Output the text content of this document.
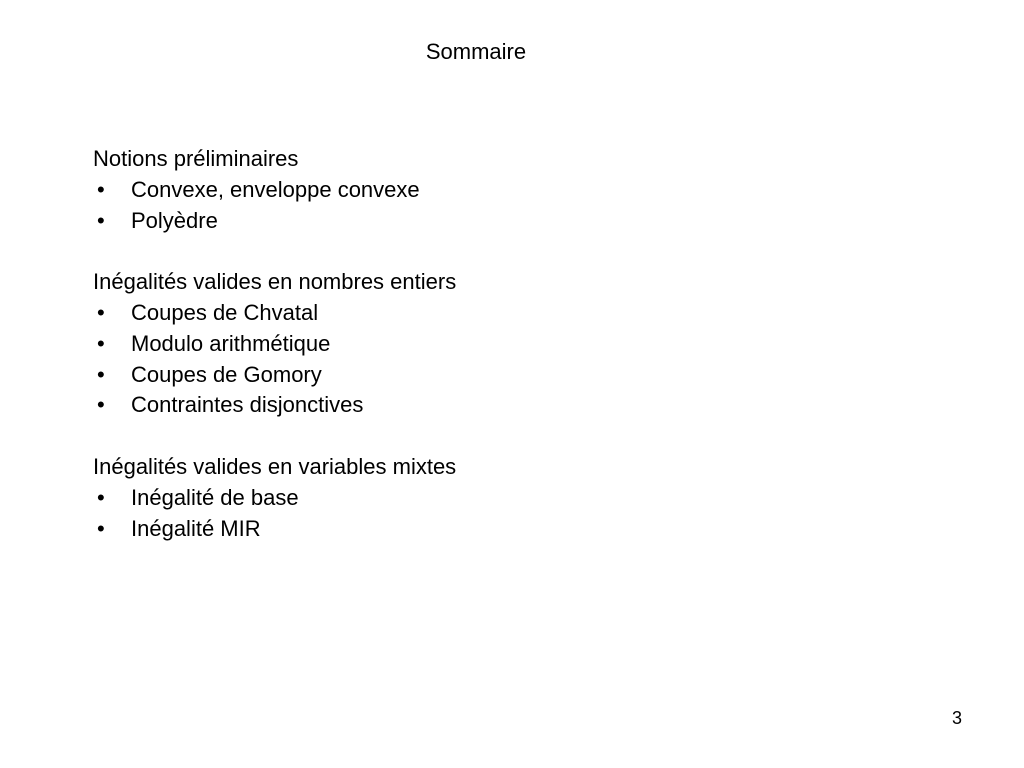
Sommaire
Notions préliminaires
• Convexe, enveloppe convexe
• Polyèdre
Inégalités valides en nombres entiers
• Coupes de Chvatal
• Modulo arithmétique
• Coupes de Gomory
• Contraintes disjonctives
Inégalités valides en variables mixtes
• Inégalité de base
• Inégalité MIR
3
